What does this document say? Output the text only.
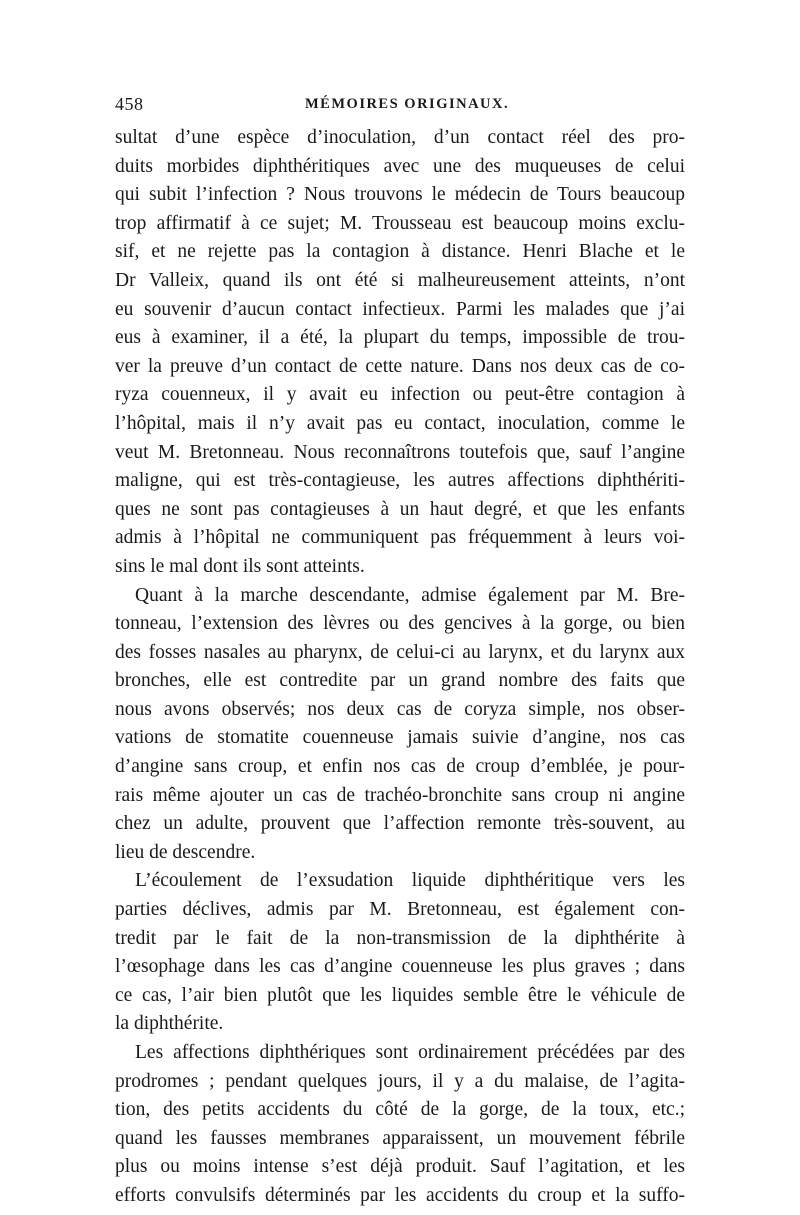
458	MÉMOIRES ORIGINAUX.
sultat d’une espèce d’inoculation, d’un contact réel des pro-
duits morbides diphthéritiques avec une des muqueuses de celui
qui subit l’infection ? Nous trouvons le médecin de Tours beaucoup
trop affirmatif à ce sujet; M. Trousseau est beaucoup moins exclu-
sif, et ne rejette pas la contagion à distance. Henri Blache et le
Dr Valleix, quand ils ont été si malheureusement atteints, n’ont
eu souvenir d’aucun contact infectieux. Parmi les malades que j’ai
eus à examiner, il a été, la plupart du temps, impossible de trou-
ver la preuve d’un contact de cette nature. Dans nos deux cas de co-
ryza couenneux, il y avait eu infection ou peut-être contagion à
l’hôpital, mais il n’y avait pas eu contact, inoculation, comme le
veut M. Bretonneau. Nous reconnaîtrons toutefois que, sauf l’angine
maligne, qui est très-contagieuse, les autres affections diphthériti-
ques ne sont pas contagieuses à un haut degré, et que les enfants
admis à l’hôpital ne communiquent pas fréquemment à leurs voi-
sins le mal dont ils sont atteints.
Quant à la marche descendante, admise également par M. Bre-
tonneau, l’extension des lèvres ou des gencives à la gorge, ou bien
des fosses nasales au pharynx, de celui-ci au larynx, et du larynx aux
bronches, elle est contredite par un grand nombre des faits que
nous avons observés; nos deux cas de coryza simple, nos obser-
vations de stomatite couenneuse jamais suivie d’angine, nos cas
d’angine sans croup, et enfin nos cas de croup d’emblée, je pour-
rais même ajouter un cas de trachéo-bronchite sans croup ni angine
chez un adulte, prouvent que l’affection remonte très-souvent, au
lieu de descendre.
L’écoulement de l’exsudation liquide diphthéritique vers les
parties déclives, admis par M. Bretonneau, est également con-
tredit par le fait de la non-transmission de la diphthérite à
l’œsophage dans les cas d’angine couenneuse les plus graves ; dans
ce cas, l’air bien plutôt que les liquides semble être le véhicule de
la diphthérite.
Les affections diphthériques sont ordinairement précédées par des
prodromes ; pendant quelques jours, il y a du malaise, de l’agita-
tion, des petits accidents du côté de la gorge, de la toux, etc.;
quand les fausses membranes apparaissent, un mouvement fébrile
plus ou moins intense s’est déjà produit. Sauf l’agitation, et les
efforts convulsifs déterminés par les accidents du croup et la suffo-
